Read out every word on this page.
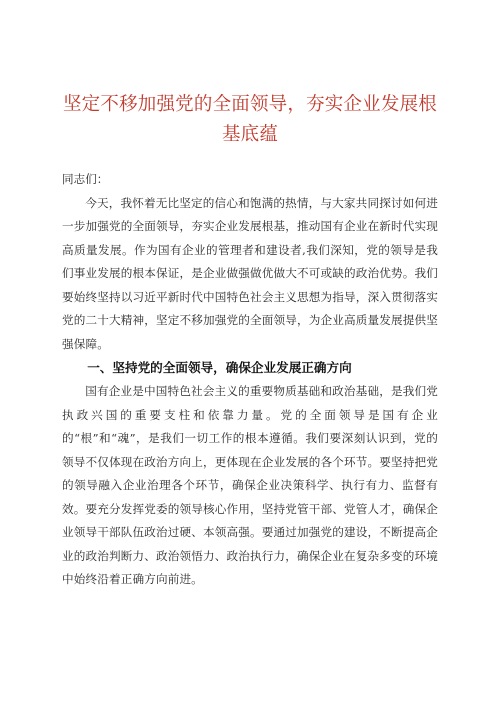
坚定不移加强党的全面领导，夯实企业发展根
基底蕴

同志们：

今天，我怀着无比坚定的信心和饱满的热情，与大家共同探讨如何进一步加强党的全面领导，夯实企业发展根基，推动国有企业在新时代实现高质量发展。作为国有企业的管理者和建设者,我们深知，党的领导是我们事业发展的根本保证，是企业做强做优做大不可或缺的政治优势。我们要始终坚持以习近平新时代中国特色社会主义思想为指导，深入贯彻落实党的二十大精神，坚定不移加强党的全面领导，为企业高质量发展提供坚强保障。

一、坚持党的全面领导，确保企业发展正确方向

国有企业是中国特色社会主义的重要物质基础和政治基础，是我们党执政兴国的重要支柱和依靠力量。党的全面领导是国有企业的“根”和“魂”，是我们一切工作的根本遵循。我们要深刻认识到，党的领导不仅体现在政治方向上，更体现在企业发展的各个环节。要坚持把党的领导融入企业治理各个环节，确保企业决策科学、执行有力、监督有效。要充分发挥党委的领导核心作用，坚持党管干部、党管人才，确保企业领导干部队伍政治过硬、本领高强。要通过加强党的建设，不断提高企业的政治判断力、政治领悟力、政治执行力，确保企业在复杂多变的环境中始终沿着正确方向前进。
